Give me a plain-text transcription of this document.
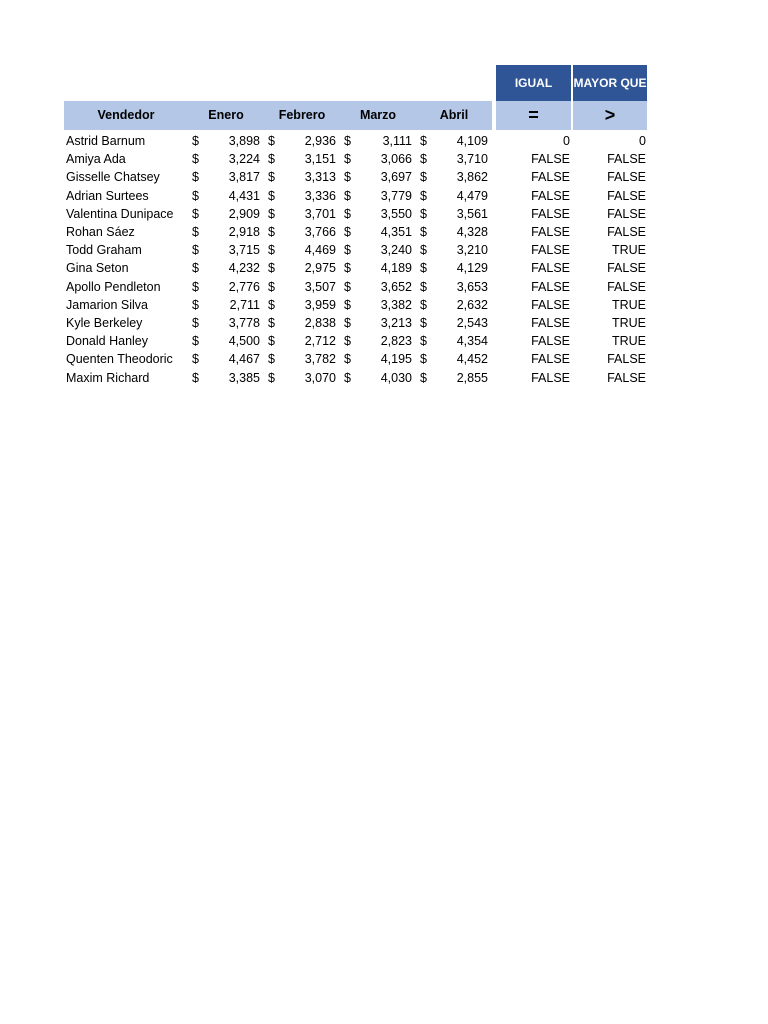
										IGUAL	MAYOR QUE
Vendedor	Enero		Febrero		Marzo		Abril			=	>

Astrid Barnum	$	3,898	$	2,936	$	3,111	$	4,109		0	0
Amiya Ada	$	3,224	$	3,151	$	3,066	$	3,710		FALSE	FALSE
Gisselle Chatsey	$	3,817	$	3,313	$	3,697	$	3,862		FALSE	FALSE
Adrian Surtees	$	4,431	$	3,336	$	3,779	$	4,479		FALSE	FALSE
Valentina Dunipace	$	2,909	$	3,701	$	3,550	$	3,561		FALSE	FALSE
Rohan Sáez	$	2,918	$	3,766	$	4,351	$	4,328		FALSE	FALSE
Todd Graham	$	3,715	$	4,469	$	3,240	$	3,210		FALSE	TRUE
Gina Seton	$	4,232	$	2,975	$	4,189	$	4,129		FALSE	FALSE
Apollo Pendleton	$	2,776	$	3,507	$	3,652	$	3,653		FALSE	FALSE
Jamarion Silva	$	2,711	$	3,959	$	3,382	$	2,632		FALSE	TRUE
Kyle Berkeley	$	3,778	$	2,838	$	3,213	$	2,543		FALSE	TRUE
Donald Hanley	$	4,500	$	2,712	$	2,823	$	4,354		FALSE	TRUE
Quenten Theodoric	$	4,467	$	3,782	$	4,195	$	4,452		FALSE	FALSE
Maxim Richard	$	3,385	$	3,070	$	4,030	$	2,855		FALSE	FALSE
